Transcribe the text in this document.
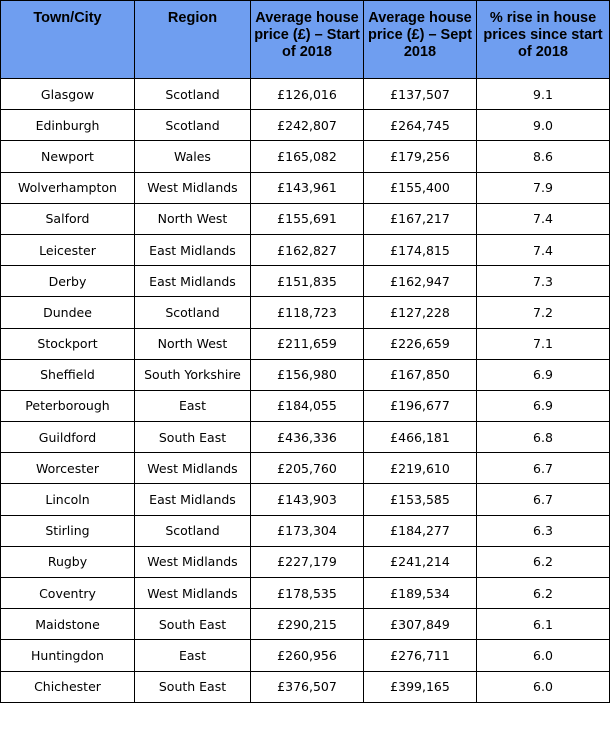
Town/City	Region	Average house price (£) – Start of 2018	Average house price (£) – Sept 2018	% rise in house prices since start of 2018
Glasgow	Scotland	£126,016	£137,507	9.1
Edinburgh	Scotland	£242,807	£264,745	9.0
Newport	Wales	£165,082	£179,256	8.6
Wolverhampton	West Midlands	£143,961	£155,400	7.9
Salford	North West	£155,691	£167,217	7.4
Leicester	East Midlands	£162,827	£174,815	7.4
Derby	East Midlands	£151,835	£162,947	7.3
Dundee	Scotland	£118,723	£127,228	7.2
Stockport	North West	£211,659	£226,659	7.1
Sheffield	South Yorkshire	£156,980	£167,850	6.9
Peterborough	East	£184,055	£196,677	6.9
Guildford	South East	£436,336	£466,181	6.8
Worcester	West Midlands	£205,760	£219,610	6.7
Lincoln	East Midlands	£143,903	£153,585	6.7
Stirling	Scotland	£173,304	£184,277	6.3
Rugby	West Midlands	£227,179	£241,214	6.2
Coventry	West Midlands	£178,535	£189,534	6.2
Maidstone	South East	£290,215	£307,849	6.1
Huntingdon	East	£260,956	£276,711	6.0
Chichester	South East	£376,507	£399,165	6.0
